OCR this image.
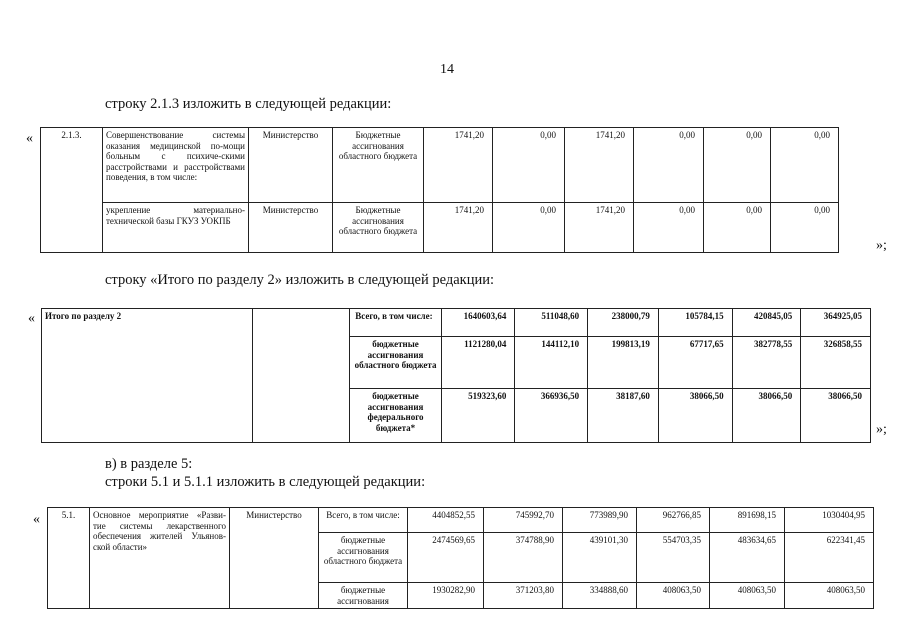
14
строку 2.1.3 изложить в следующей редакции:
«	2.1.3.	Совершенствование системы оказания медицинской по-мощи больным с психиче-скими расстройствами и расстройствами поведения, в том числе:	Министерство	Бюджетные ассигнования областного бюджета	1741,20	0,00	1741,20	0,00	0,00	0,00	
	укрепление материально-технической базы ГКУЗ УОКПБ	Министерство	Бюджетные ассигнования областного бюджета	1741,20	0,00	1741,20	0,00	0,00	0,00	
»;
строку «Итого по разделу 2» изложить в следующей редакции:
« Итого по разделу 2		Всего, в том числе:	1640603,64	511048,60	238000,79	105784,15	420845,05	364925,05
		бюджетные ассигнования областного бюджета	1121280,04	144112,10	199813,19	67717,65	382778,55	326858,55
		бюджетные ассигнования федерального бюджета*	519323,60	366936,50	38187,60	38066,50	38066,50	38066,50
»;
в) в разделе 5:
строки 5.1 и 5.1.1 изложить в следующей редакции:
« 5.1.	Основное мероприятие «Разви-тие системы лекарственного обеспечения жителей Ульянов-ской области»	Министерство	Всего, в том числе:	4404852,55	745992,70	773989,90	962766,85	891698,15	1030404,95
			бюджетные ассигнования областного бюджета	2474569,65	374788,90	439101,30	554703,35	483634,65	622341,45
			бюджетные ассигнования	1930282,90	371203,80	334888,60	408063,50	408063,50	408063,50
